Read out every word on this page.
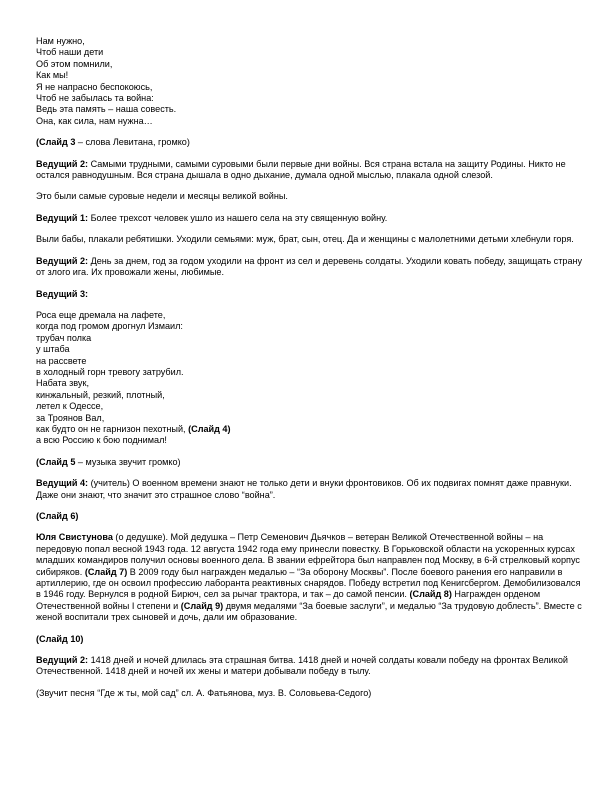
Нам нужно,
Чтоб наши дети
Об этом помнили,
Как мы!
Я не напрасно беспокоюсь,
Чтоб не забылась та война:
Ведь эта память – наша совесть.
Она, как сила, нам нужна…
(Слайд 3 – слова Левитана, громко)
Ведущий 2: Самыми трудными, самыми суровыми были первые дни войны. Вся страна встала на защиту Родины. Никто не остался равнодушным. Вся страна дышала в одно дыхание, думала одной мыслью, плакала одной слезой.
Это были самые суровые недели и месяцы великой войны.
Ведущий 1: Более трехсот человек ушло из нашего села на эту священную войну.
Выли бабы, плакали ребятишки. Уходили семьями: муж, брат, сын, отец. Да и женщины с малолетними детьми хлебнули горя.
Ведущий 2: День за днем, год за годом уходили на фронт из сел и деревень солдаты. Уходили ковать победу, защищать страну от злого ига. Их провожали жены, любимые.
Ведущий 3:
Роса еще дремала на лафете,
когда под громом дрогнул Измаил:
трубач полка
у штаба
на рассвете
в холодный горн тревогу затрубил.
Набата звук,
кинжальный, резкий, плотный,
летел к Одессе,
за Троянов Вал,
как будто он не гарнизон пехотный, (Слайд 4)
а всю Россию к бою поднимал!
(Слайд 5 – музыка звучит громко)
Ведущий 4: (учитель) О военном времени знают не только дети и внуки фронтовиков. Об их подвигах помнят даже правнуки. Даже они знают, что значит это страшное слово “война”.
(Слайд 6)
Юля Свистунова (о дедушке). Мой дедушка – Петр Семенович Дьячков – ветеран Великой Отечественной войны – на передовую попал весной 1943 года. 12 августа 1942 года ему принесли повестку. В Горьковской области на ускоренных курсах младших командиров получил основы военного дела. В звании ефрейтора был направлен под Москву, в 6-й стрелковый корпус сибиряков. (Слайд 7) В 2009 году был награжден медалью – “За оборону Москвы”. После боевого ранения его направили в артиллерию, где он освоил профессию лаборанта реактивных снарядов. Победу встретил под Кенигсбергом. Демобилизовался в 1946 году. Вернулся в родной Бирюч, сел за рычаг трактора, и так – до самой пенсии. (Слайд 8) Награжден орденом Отечественной войны I степени и (Слайд 9) двумя медалями “За боевые заслуги”, и медалью “За трудовую доблесть”. Вместе с женой воспитали трех сыновей и дочь, дали им образование.
(Слайд 10)
Ведущий 2: 1418 дней и ночей длилась эта страшная битва. 1418 дней и ночей солдаты ковали победу на фронтах Великой Отечественной. 1418 дней и ночей их жены и матери добывали победу в тылу.
(Звучит песня “Где ж ты, мой сад” сл. А. Фатьянова, муз. В. Соловьева-Седого)
